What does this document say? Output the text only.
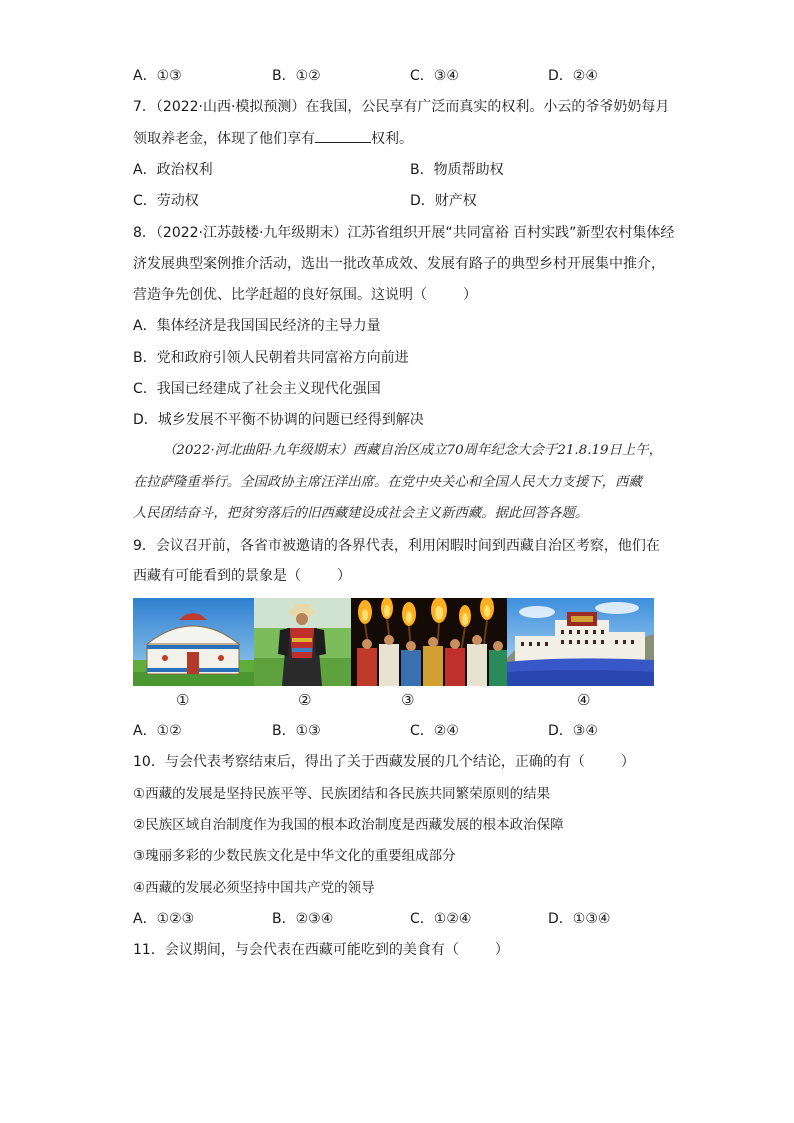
A．①③	B．①②	C．③④	D．②④
7．（2022·山西·模拟预测）在我国，公民享有广泛而真实的权利。小云的爷爷奶奶每月
领取养老金，体现了他们享有	权利。
A．政治权利	B．物质帮助权
C．劳动权	D．财产权
8．（2022·江苏鼓楼·九年级期末）江苏省组织开展“共同富裕 百村实践”新型农村集体经
济发展典型案例推介活动，选出一批改革成效、发展有路子的典型乡村开展集中推介，
营造争先创优、比学赶超的良好氛围。这说明（	）
A．集体经济是我国国民经济的主导力量
B．党和政府引领人民朝着共同富裕方向前进
C．我国已经建成了社会主义现代化强国
D．城乡发展不平衡不协调的问题已经得到解决
（2022·河北曲阳·九年级期末）西藏自治区成立70周年纪念大会于21.8.19日上午，
在拉萨隆重举行。全国政协主席汪洋出席。在党中央关心和全国人民大力支援下，西藏
人民团结奋斗，把贫穷落后的旧西藏建设成社会主义新西藏。据此回答各题。
9．会议召开前，各省市被邀请的各界代表，利用闲暇时间到西藏自治区考察，他们在
西藏有可能看到的景象是（	）
①	②	③	④
A．①②	B．①③	C．②④	D．③④
10．与会代表考察结束后，得出了关于西藏发展的几个结论，正确的有（	）
①西藏的发展是坚持民族平等、民族团结和各民族共同繁荣原则的结果
②民族区域自治制度作为我国的根本政治制度是西藏发展的根本政治保障
③瑰丽多彩的少数民族文化是中华文化的重要组成部分
④西藏的发展必须坚持中国共产党的领导
A．①②③	B．②③④	C．①②④	D．①③④
11．会议期间，与会代表在西藏可能吃到的美食有（	）
